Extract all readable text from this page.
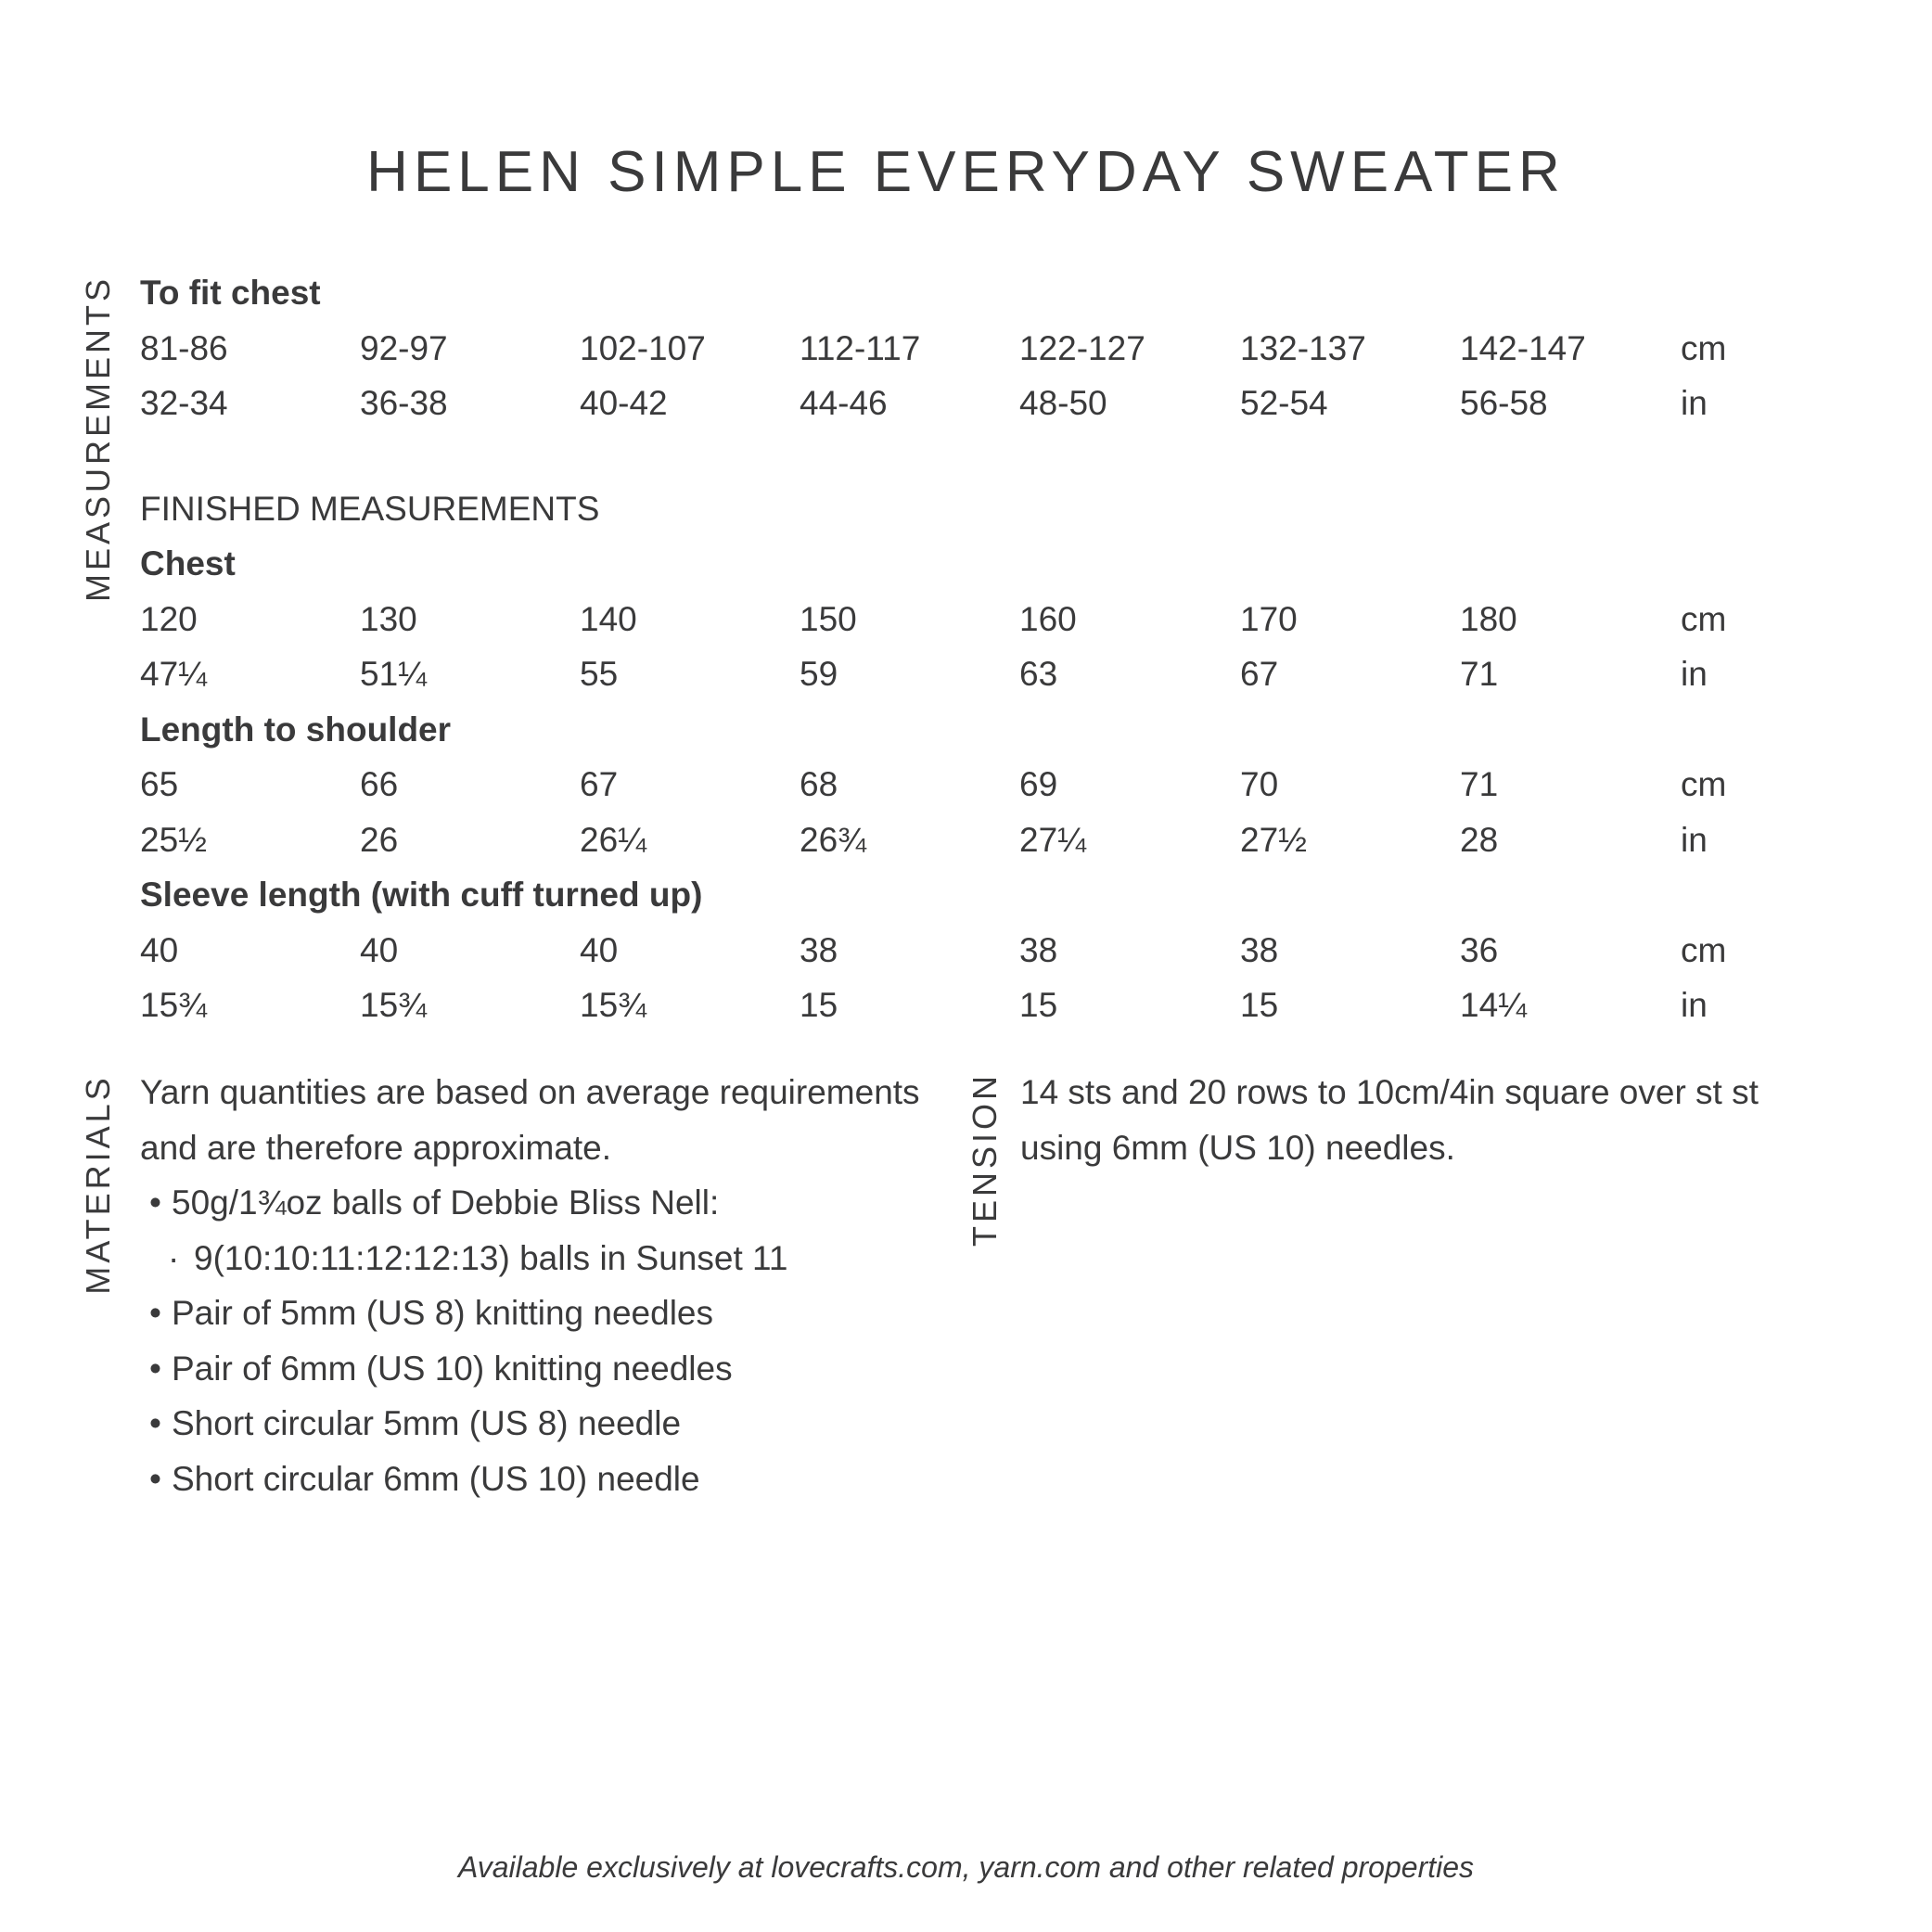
HELEN SIMPLE EVERYDAY SWEATER
MEASUREMENTS
MATERIALS	TENSION
To fit chest
81-86	92-97	102-107	112-117	122-127	132-137	142-147	cm
32-34	36-38	40-42	44-46	48-50	52-54	56-58	in
FINISHED MEASUREMENTS
Chest
120	130	140	150	160	170	180	cm
47¼	51¼	55	59	63	67	71	in
Length to shoulder
65	66	67	68	69	70	71	cm
25½	26	26¼	26¾	27¼	27½	28	in
Sleeve length (with cuff turned up)
40	40	40	38	38	38	36	cm
15¾	15¾	15¾	15	15	15	14¼	in
Yarn quantities are based on average requirements and are therefore approximate.
• 50g/1¾oz balls of Debbie Bliss Nell:
· 9(10:10:11:12:12:13) balls in Sunset 11
• Pair of 5mm (US 8) knitting needles
• Pair of 6mm (US 10) knitting needles
• Short circular 5mm (US 8) needle
• Short circular 6mm (US 10) needle
14 sts and 20 rows to 10cm/4in square over st st using 6mm (US 10) needles.
Available exclusively at lovecrafts.com, yarn.com and other related properties
